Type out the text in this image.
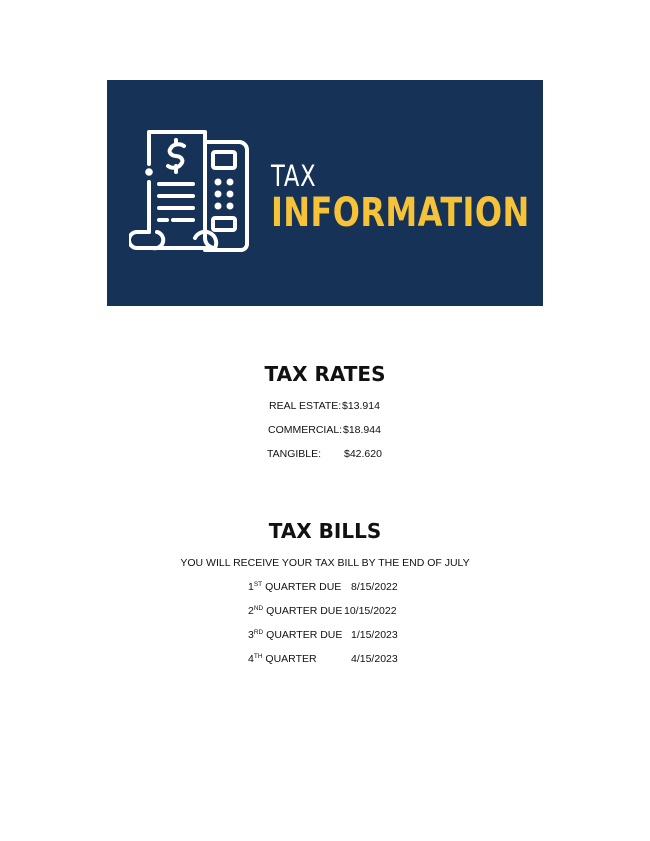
TAX
INFORMATION
TAX RATES
REAL ESTATE: $13.914
COMMERCIAL: $18.944
TANGIBLE: $42.620
TAX BILLS
YOU WILL RECEIVE YOUR TAX BILL BY THE END OF JULY
1ST QUARTER DUE 8/15/2022
2ND QUARTER DUE 10/15/2022
3RD QUARTER DUE 1/15/2023
4TH QUARTER	4/15/2023
